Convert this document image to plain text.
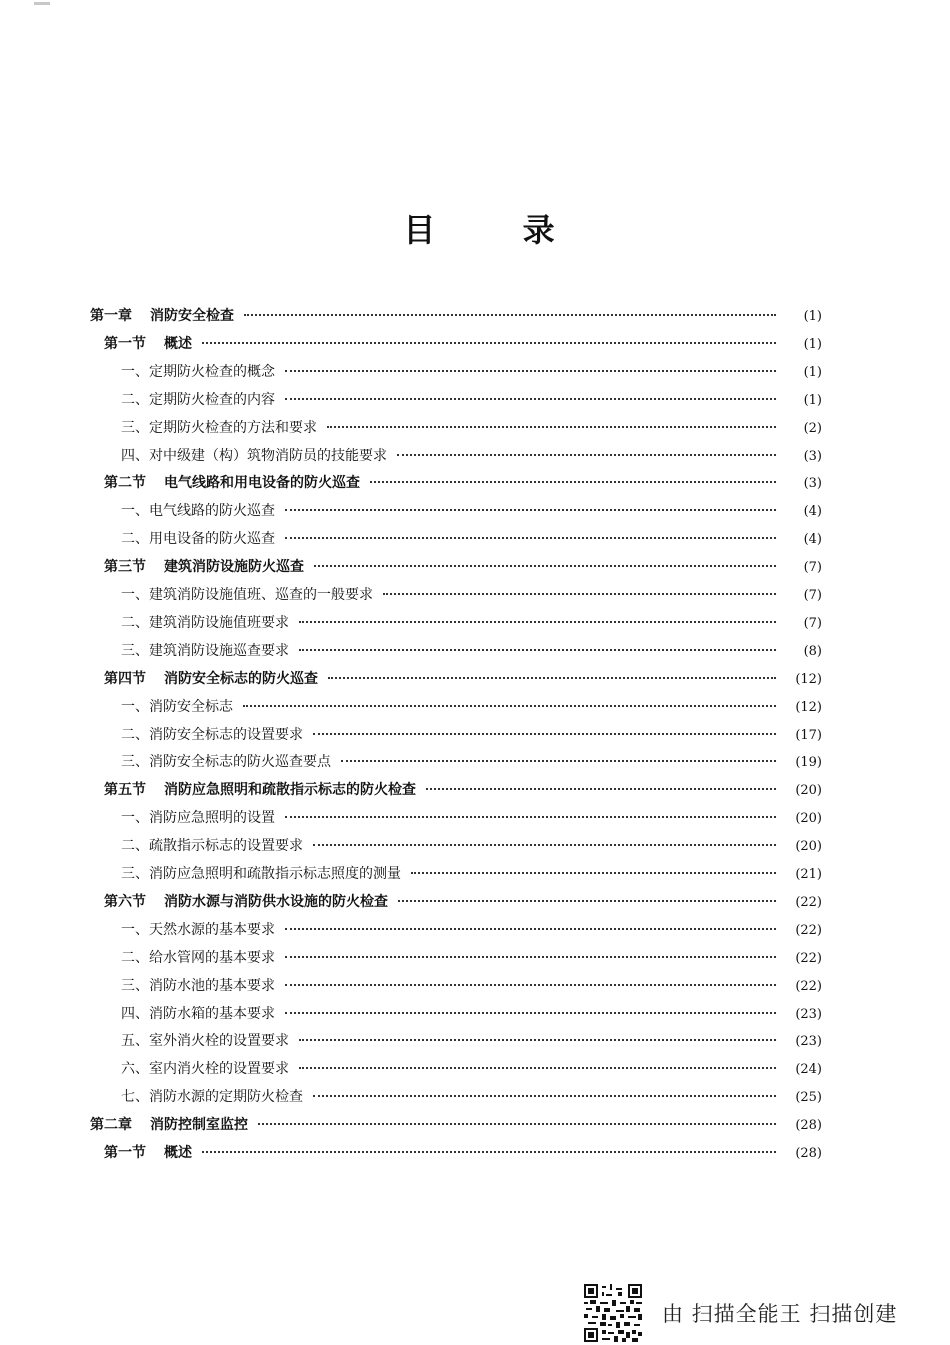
目 录
第一章 消防安全检查	(1)
第一节 概述	(1)
一、定期防火检查的概念	(1)
二、定期防火检查的内容	(1)
三、定期防火检查的方法和要求	(2)
四、对中级建（构）筑物消防员的技能要求	(3)
第二节 电气线路和用电设备的防火巡查	(3)
一、电气线路的防火巡查	(4)
二、用电设备的防火巡查	(4)
第三节 建筑消防设施防火巡查	(7)
一、建筑消防设施值班、巡查的一般要求	(7)
二、建筑消防设施值班要求	(7)
三、建筑消防设施巡查要求	(8)
第四节 消防安全标志的防火巡查	(12)
一、消防安全标志	(12)
二、消防安全标志的设置要求	(17)
三、消防安全标志的防火巡查要点	(19)
第五节 消防应急照明和疏散指示标志的防火检查	(20)
一、消防应急照明的设置	(20)
二、疏散指示标志的设置要求	(20)
三、消防应急照明和疏散指示标志照度的测量	(21)
第六节 消防水源与消防供水设施的防火检查	(22)
一、天然水源的基本要求	(22)
二、给水管网的基本要求	(22)
三、消防水池的基本要求	(22)
四、消防水箱的基本要求	(23)
五、室外消火栓的设置要求	(23)
六、室内消火栓的设置要求	(24)
七、消防水源的定期防火检查	(25)
第二章 消防控制室监控	(28)
第一节 概述	(28)
由 扫描全能王 扫描创建
